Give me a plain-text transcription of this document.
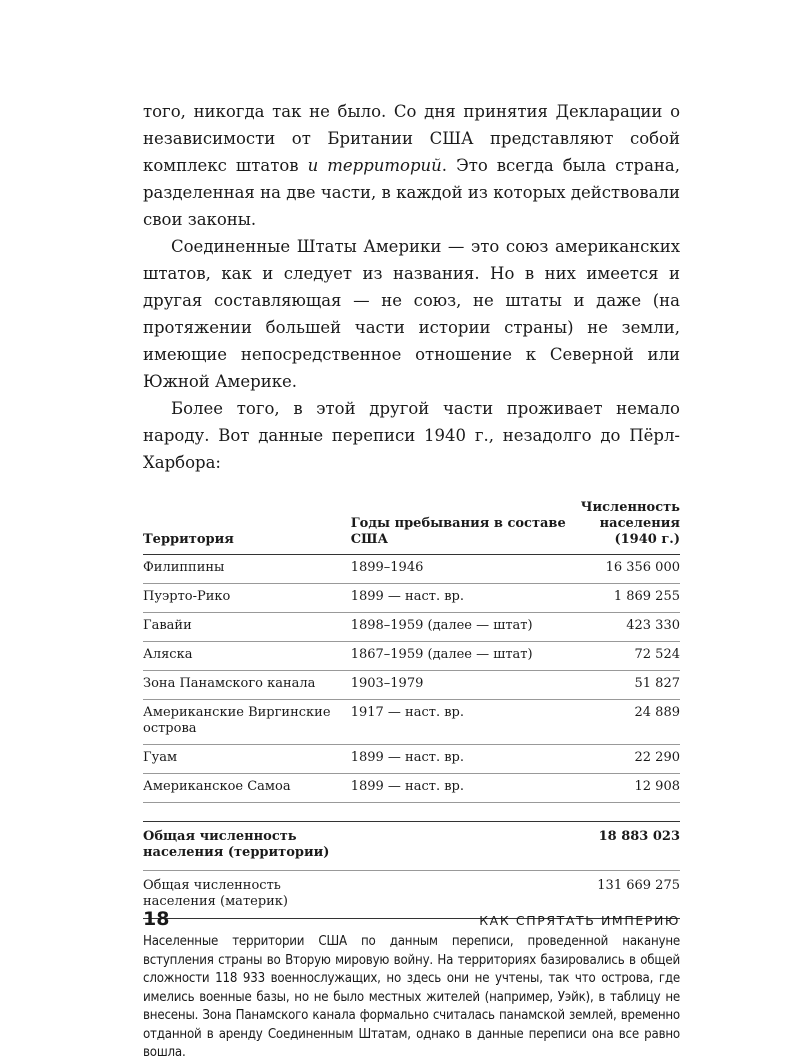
того, никогда так не было. Со дня принятия Декларации о независимости от Британии США представляют собой комплекс штатов и территорий. Это всегда была страна, разделенная на две части, в каждой из которых действовали свои законы.

Соединенные Штаты Америки — это союз американских штатов, как и следует из названия. Но в них имеется и другая составляющая — не союз, не штаты и даже (на протяжении большей части истории страны) не земли, имеющие непосредственное отношение к Северной или Южной Америке.

Более того, в этой другой части проживает немало народу. Вот данные переписи 1940 г., незадолго до Пёрл-Харбора:

Территория	Годы пребывания в составе США	Численность населения (1940 г.)
Филиппины	1899–1946	16 356 000
Пуэрто-Рико	1899 — наст. вр.	1 869 255
Гавайи	1898–1959 (далее — штат)	423 330
Аляска	1867–1959 (далее — штат)	72 524
Зона Панамского канала	1903–1979	51 827
Американские Виргинские острова	1917 — наст. вр.	24 889
Гуам	1899 — наст. вр.	22 290
Американское Самоа	1899 — наст. вр.	12 908

Общая численность населения (территории)		18 883 023
Общая численность населения (материк)		131 669 275

Населенные территории США по данным переписи, проведенной накануне вступления страны во Вторую мировую войну. На территориях базировались в общей сложности 118 933 военнослужащих, но здесь они не учтены, так что острова, где имелись военные базы, но не было местных жителей (например, Уэйк), в таблицу не внесены. Зона Панамского канала формально считалась панамской землей, временно отданной в аренду Соединенным Штатам, однако в данные переписи она все равно вошла.

18	КАК СПРЯТАТЬ ИМПЕРИЮ
